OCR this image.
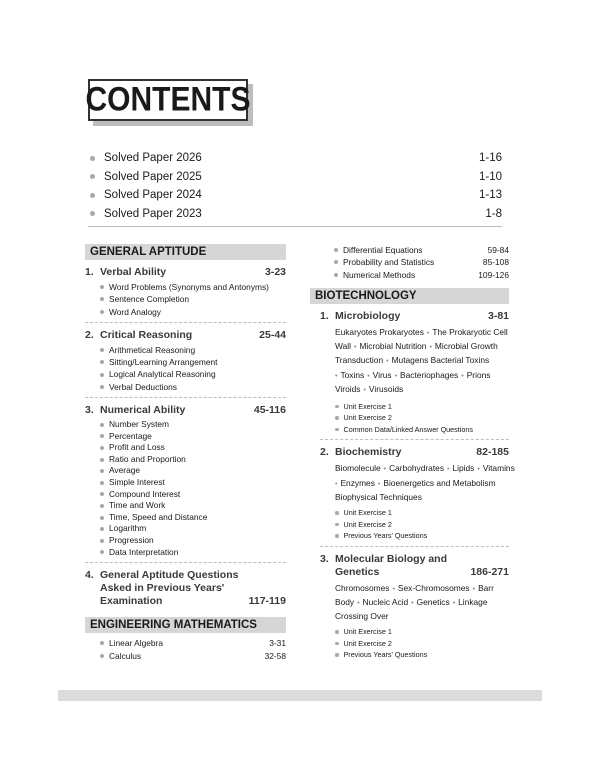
CONTENTS
Solved Paper 2026	1-16
Solved Paper 2025	1-10
Solved Paper 2024	1-13
Solved Paper 2023	1-8
GENERAL APTITUDE
1. Verbal Ability	3-23
Word Problems (Synonyms and Antonyms)
Sentence Completion
Word Analogy
2. Critical Reasoning	25-44
Arithmetical Reasoning
Sitting/Learning Arrangement
Logical Analytical Reasoning
Verbal Deductions
3. Numerical Ability	45-116
Number System
Percentage
Profit and Loss
Ratio and Proportion
Average
Simple Interest
Compound Interest
Time and Work
Time, Speed and Distance
Logarithm
Progression
Data Interpretation
4. General Aptitude Questions
Asked in Previous Years'
Examination	117-119
ENGINEERING MATHEMATICS
Linear Algebra	3-31
Calculus	32-58
Differential Equations	59-84
Probability and Statistics	85-108
Numerical Methods	109-126
BIOTECHNOLOGY
1. Microbiology	3-81
Eukaryotes Prokaryotes • The Prokaryotic Cell Wall • Microbial Nutrition • Microbial Growth Transduction • Mutagens Bacterial Toxins
• Toxins • Virus • Bacteriophages • Prions Viroids • Virusoids
Unit Exercise 1
Unit Exercise 2
Common Data/Linked Answer Questions
2. Biochemistry	82-185
Biomolecule • Carbohydrates • Lipids • Vitamins
• Enzymes • Bioenergetics and Metabolism Biophysical Techniques
Unit Exercise 1
Unit Exercise 2
Previous Years' Questions
3. Molecular Biology and
Genetics	186-271
Chromosomes • Sex-Chromosomes • Barr Body • Nucleic Acid • Genetics • Linkage Crossing Over
Unit Exercise 1
Unit Exercise 2
Previous Years' Questions
